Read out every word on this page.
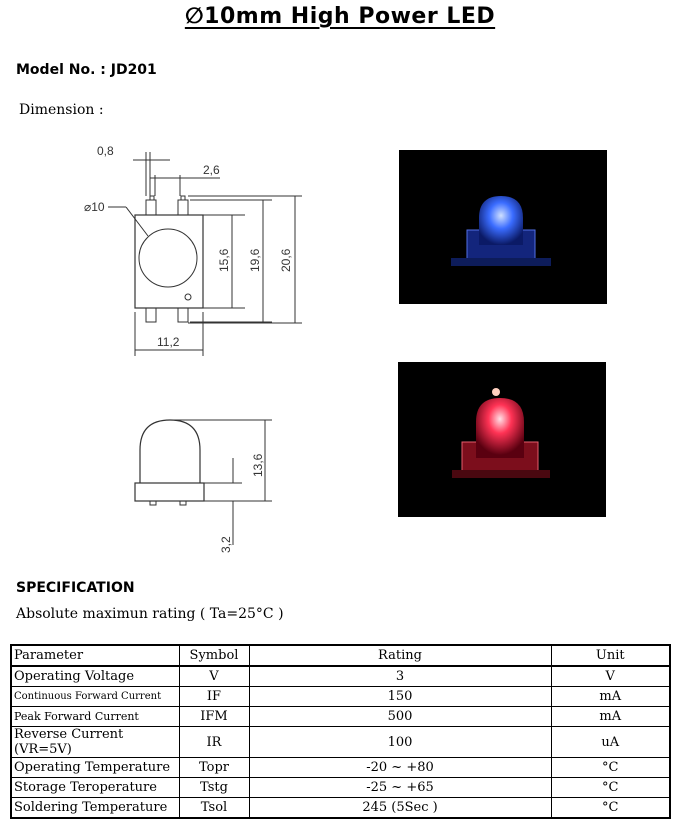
∅10mm High Power LED
Model No. : JD201
Dimension :
0,8
2,6
⌀10
15,6 19,6 20,6
11,2
13,6
3,2
SPECIFICATION
Absolute maximun rating ( Ta=25°C )
Parameter	Symbol	Rating	Unit
Operating Voltage	V	3	V
Continuous Forward Current	IF	150	mA
Peak Forward Current	IFM	500	mA
Reverse Current (VR=5V)	IR	100	uA
Operating Temperature	Topr	-20 ~ +80	°C
Storage Teroperature	Tstg	-25 ~ +65	°C
Soldering Temperature	Tsol	245 (5Sec )	°C
